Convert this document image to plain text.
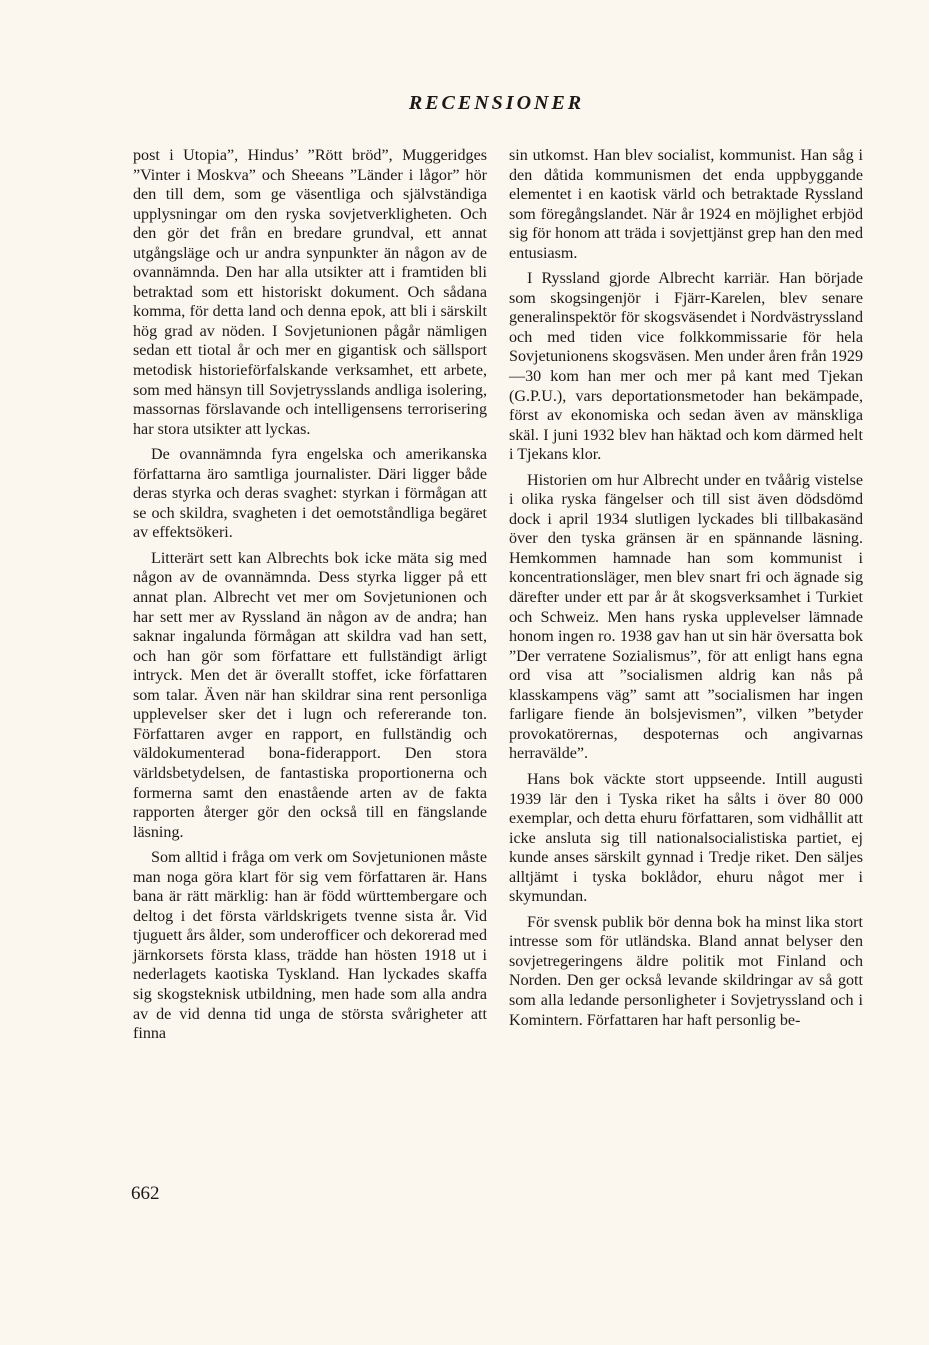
RECENSIONER

post i Utopia”, Hindus’ ”Rött bröd”, Muggeridges ”Vinter i Moskva” och Sheeans ”Länder i lågor” hör den till dem, som ge väsentliga och självständiga upplysningar om den ryska sovjetverkligheten. Och den gör det från en bredare grundval, ett annat utgångsläge och ur andra synpunkter än någon av de ovannämnda. Den har alla utsikter att i framtiden bli betraktad som ett historiskt dokument. Och sådana komma, för detta land och denna epok, att bli i särskilt hög grad av nöden. I Sovjetunionen pågår nämligen sedan ett tiotal år och mer en gigantisk och sällsport metodisk historieförfalskande verksamhet, ett arbete, som med hänsyn till Sovjetrysslands andliga isolering, massornas förslavande och intelligensens terrorisering har stora utsikter att lyckas.

De ovannämnda fyra engelska och amerikanska författarna äro samtliga journalister. Däri ligger både deras styrka och deras svaghet: styrkan i förmågan att se och skildra, svagheten i det oemotståndliga begäret av effektsökeri.

Litterärt sett kan Albrechts bok icke mäta sig med någon av de ovannämnda. Dess styrka ligger på ett annat plan. Albrecht vet mer om Sovjetunionen och har sett mer av Ryssland än någon av de andra; han saknar ingalunda förmågan att skildra vad han sett, och han gör som författare ett fullständigt ärligt intryck. Men det är överallt stoffet, icke författaren som talar. Även när han skildrar sina rent personliga upplevelser sker det i lugn och refererande ton. Författaren avger en rapport, en fullständig och väldokumenterad bona-fiderapport. Den stora världsbetydelsen, de fantastiska proportionerna och formerna samt den enastående arten av de fakta rapporten återger gör den också till en fängslande läsning.

Som alltid i fråga om verk om Sovjetunionen måste man noga göra klart för sig vem författaren är. Hans bana är rätt märklig: han är född württembergare och deltog i det första världskrigets tvenne sista år. Vid tjuguett års ålder, som underofficer och dekorerad med järnkorsets första klass, trädde han hösten 1918 ut i nederlagets kaotiska Tyskland. Han lyckades skaffa sig skogsteknisk utbildning, men hade som alla andra av de vid denna tid unga de största svårigheter att finna

sin utkomst. Han blev socialist, kommunist. Han såg i den dåtida kommunismen det enda uppbyggande elementet i en kaotisk värld och betraktade Ryssland som föregångslandet. När år 1924 en möjlighet erbjöd sig för honom att träda i sovjettjänst grep han den med entusiasm.

I Ryssland gjorde Albrecht karriär. Han började som skogsingenjör i Fjärr-Karelen, blev senare generalinspektör för skogsväsendet i Nordvästryssland och med tiden vice folkkommissarie för hela Sovjetunionens skogsväsen. Men under åren från 1929—30 kom han mer och mer på kant med Tjekan (G.P.U.), vars deportationsmetoder han bekämpade, först av ekonomiska och sedan även av mänskliga skäl. I juni 1932 blev han häktad och kom därmed helt i Tjekans klor.

Historien om hur Albrecht under en tvåårig vistelse i olika ryska fängelser och till sist även dödsdömd dock i april 1934 slutligen lyckades bli tillbakasänd över den tyska gränsen är en spännande läsning. Hemkommen hamnade han som kommunist i koncentrationsläger, men blev snart fri och ägnade sig därefter under ett par år åt skogsverksamhet i Turkiet och Schweiz. Men hans ryska upplevelser lämnade honom ingen ro. 1938 gav han ut sin här översatta bok ”Der verratene Sozialismus”, för att enligt hans egna ord visa att ”socialismen aldrig kan nås på klasskampens väg” samt att ”socialismen har ingen farligare fiende än bolsjevismen”, vilken ”betyder provokatörernas, despoternas och angivarnas herravälde”.

Hans bok väckte stort uppseende. Intill augusti 1939 lär den i Tyska riket ha sålts i över 80 000 exemplar, och detta ehuru författaren, som vidhållit att icke ansluta sig till nationalsocialistiska partiet, ej kunde anses särskilt gynnad i Tredje riket. Den säljes alltjämt i tyska boklådor, ehuru något mer i skymundan.

För svensk publik bör denna bok ha minst lika stort intresse som för utländska. Bland annat belyser den sovjetregeringens äldre politik mot Finland och Norden. Den ger också levande skildringar av så gott som alla ledande personligheter i Sovjetryssland och i Komintern. Författaren har haft personlig be-

662
